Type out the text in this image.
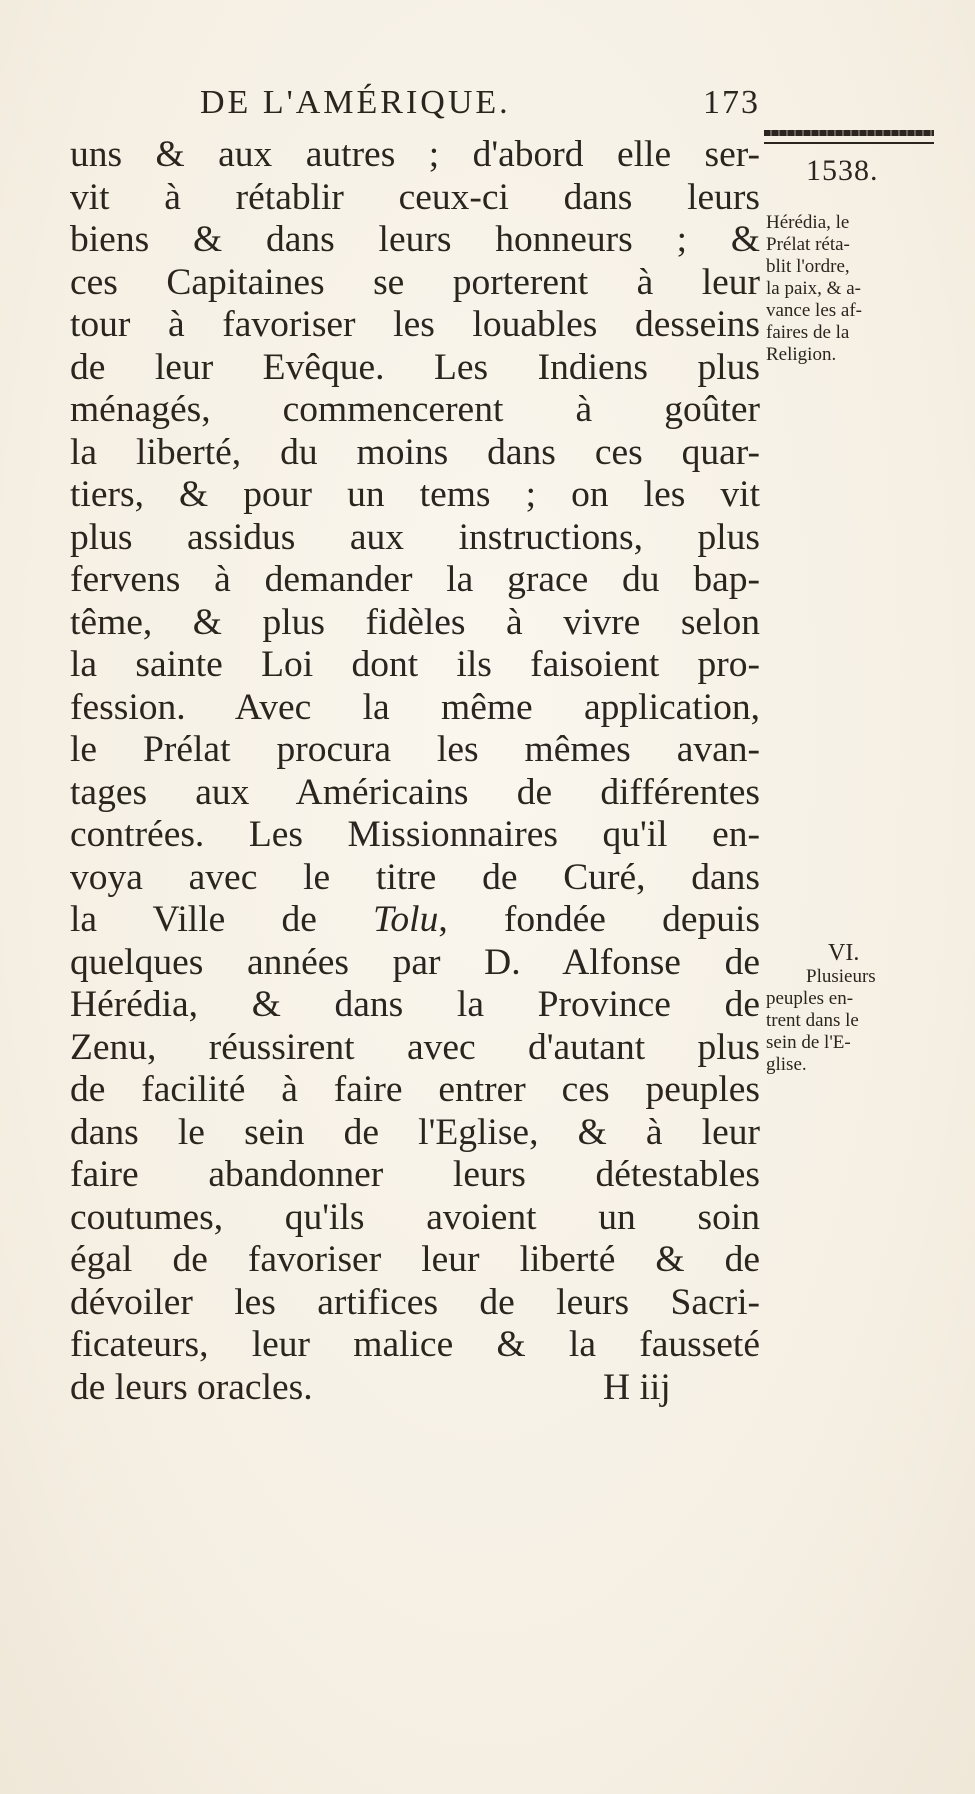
DE L'AMÉRIQUE.	173
1538.
Hérédia, le
Prélat réta-
blit l'ordre,
la paix, & a-
vance les af-
faires de la
Religion.
VI.
Plusieurs
peuples en-
trent dans le
sein de l'E-
glise.
uns & aux autres ; d'abord elle ser-
vit à rétablir ceux-ci dans leurs
biens & dans leurs honneurs ; &
ces Capitaines se porterent à leur
tour à favoriser les louables desseins
de leur Evêque. Les Indiens plus
ménagés, commencerent à goûter
la liberté, du moins dans ces quar-
tiers, & pour un tems ; on les vit
plus assidus aux instructions, plus
fervens à demander la grace du bap-
tême, & plus fidèles à vivre selon
la sainte Loi dont ils faisoient pro-
fession. Avec la même application,
le Prélat procura les mêmes avan-
tages aux Américains de différentes
contrées. Les Missionnaires qu'il en-
voya avec le titre de Curé, dans
la Ville de Tolu, fondée depuis
quelques années par D. Alfonse de
Hérédia, & dans la Province de
Zenu, réussirent avec d'autant plus
de facilité à faire entrer ces peuples
dans le sein de l'Eglise, & à leur
faire abandonner leurs détestables
coutumes, qu'ils avoient un soin
égal de favoriser leur liberté & de
dévoiler les artifices de leurs Sacri-
ficateurs, leur malice & la fausseté
de leurs oracles.	H iij
